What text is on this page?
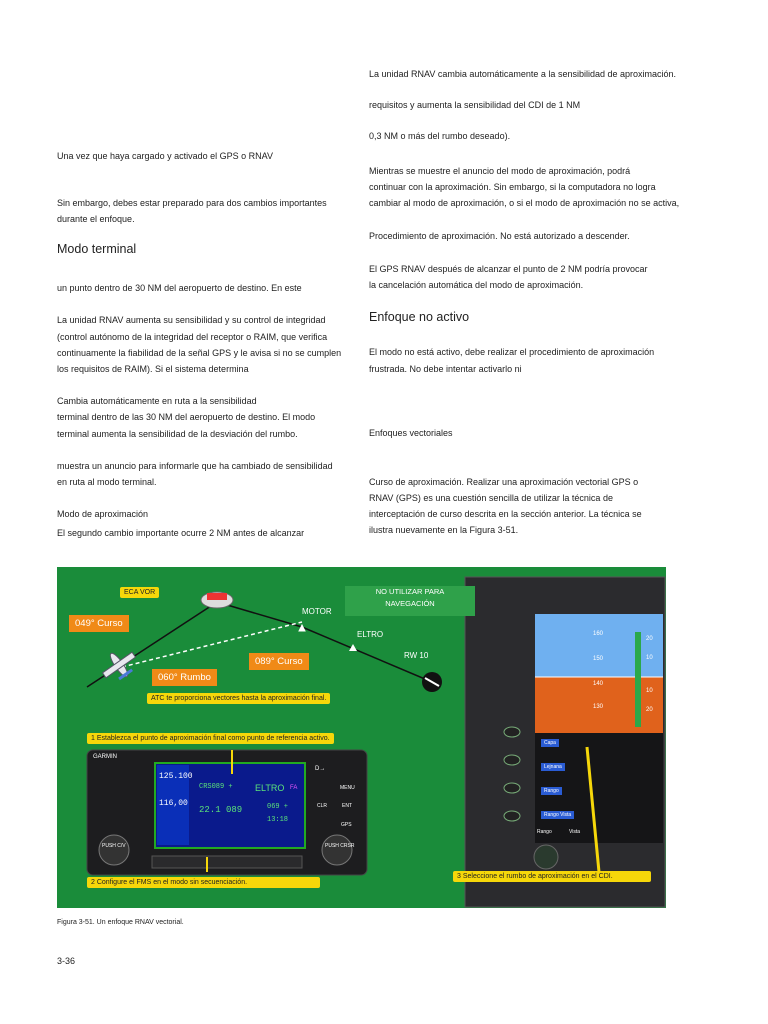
Una vez que haya cargado y activado el GPS o RNAV
Sin embargo, debes estar preparado para dos cambios importantes
durante el enfoque.
Modo terminal
un punto dentro de 30 NM del aeropuerto de destino. En este
La unidad RNAV aumenta su sensibilidad y su control de integridad
(control autónomo de la integridad del receptor o RAIM, que verifica
continuamente la fiabilidad de la señal GPS y le avisa si no se cumplen
los requisitos de RAIM). Si el sistema determina
Cambia automáticamente en ruta a la sensibilidad
terminal dentro de las 30 NM del aeropuerto de destino. El modo
terminal aumenta la sensibilidad de la desviación del rumbo.
muestra un anuncio para informarle que ha cambiado de sensibilidad
en ruta al modo terminal.
Modo de aproximación
El segundo cambio importante ocurre 2 NM antes de alcanzar
La unidad RNAV cambia automáticamente a la sensibilidad de aproximación.
requisitos y aumenta la sensibilidad del CDI de 1 NM
0,3 NM o más del rumbo deseado).
Mientras se muestre el anuncio del modo de aproximación, podrá
continuar con la aproximación. Sin embargo, si la computadora no logra
cambiar al modo de aproximación, o si el modo de aproximación no se activa,
Procedimiento de aproximación. No está autorizado a descender.
El GPS RNAV después de alcanzar el punto de 2 NM podría provocar
la cancelación automática del modo de aproximación.
Enfoque no activo
El modo no está activo, debe realizar el procedimiento de aproximación
frustrada. No debe intentar activarlo ni
Enfoques vectoriales
Curso de aproximación. Realizar una aproximación vectorial GPS o
RNAV (GPS) es una cuestión sencilla de utilizar la técnica de
interceptación de curso descrita en la sección anterior. La técnica se
ilustra nuevamente en la Figura 3-51.
ECA VOR
049° Curso
060° Rumbo
089° Curso
MOTOR
ELTRO
RW 10
NO UTILIZAR PARA
NAVEGACIÓN
ATC te proporciona vectores hasta la aproximación final.
1 Establezca el punto de aproximación final como punto de referencia activo.
2 Configure el FMS en el modo sin secuenciación.
3 Seleccione el rumbo de aproximación en el CDI.
GARMIN
125.100
116,00
CRS089 + ELTRO FA
22.1 089	069 +
13:18
PUSH C/V	PUSH CRSR
D→
MENU
CLR	ENT
GPS
160
150
140
130
20
10
10
20
Capa
Lejnana
Rango
Rango Vista
Rango	Vista
Figura 3-51. Un enfoque RNAV vectorial.
3-36
